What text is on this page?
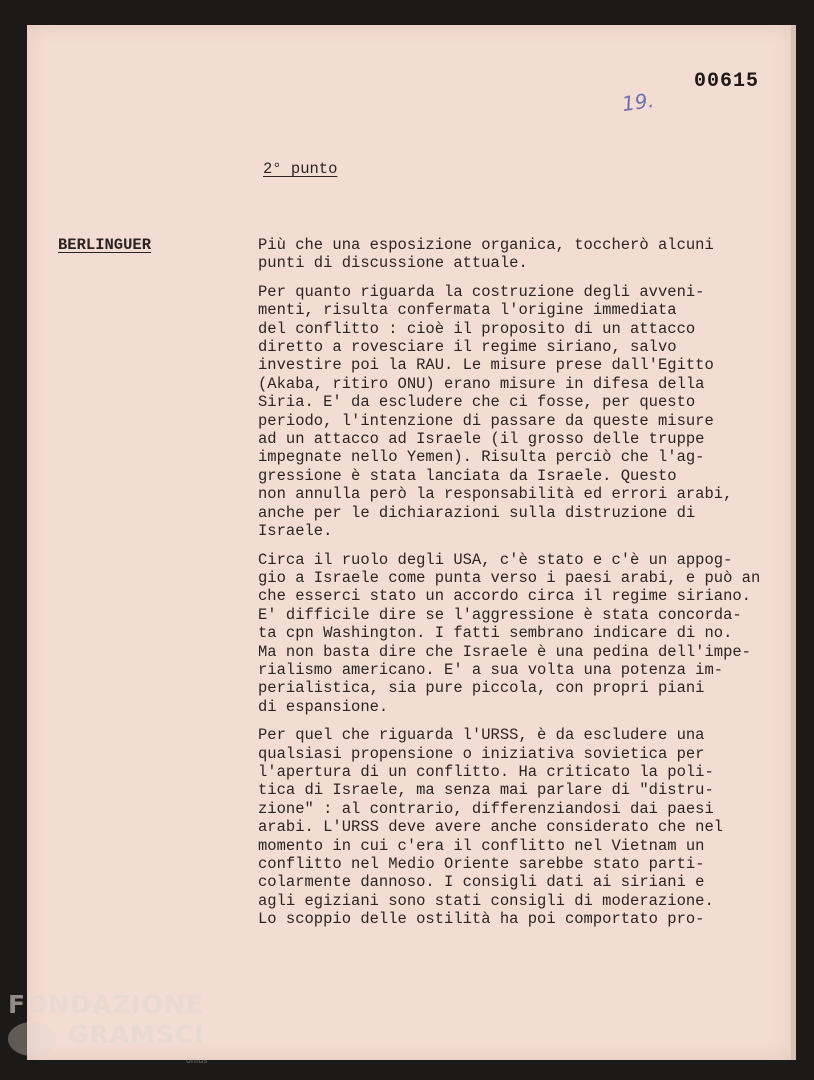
00615
19.
2° punto
BERLINGUER	Più che una esposizione organica, toccherò alcuni
punti di discussione attuale.

Per quanto riguarda la costruzione degli avveni-
menti, risulta confermata l'origine immediata
del conflitto : cioè il proposito di un attacco
diretto a rovesciare il regime siriano, salvo
investire poi la RAU. Le misure prese dall'Egitto
(Akaba, ritiro ONU) erano misure in difesa della
Siria. E' da escludere che ci fosse, per questo
periodo, l'intenzione di passare da queste misure
ad un attacco ad Israele (il grosso delle truppe
impegnate nello Yemen). Risulta perciò che l'ag-
gressione è stata lanciata da Israele. Questo
non annulla però la responsabilità ed errori arabi,
anche per le dichiarazioni sulla distruzione di
Israele.

Circa il ruolo degli USA, c'è stato e c'è un appog-
gio a Israele come punta verso i paesi arabi, e può an
che esserci stato un accordo circa il regime siriano.
E' difficile dire se l'aggressione è stata concorda-
ta cpn Washington. I fatti sembrano indicare di no.
Ma non basta dire che Israele è una pedina dell'impe-
rialismo americano. E' a sua volta una potenza im-
perialistica, sia pure piccola, con propri piani
di espansione.

Per quel che riguarda l'URSS, è da escludere una
qualsiasi propensione o iniziativa sovietica per
l'apertura di un conflitto. Ha criticato la poli-
tica di Israele, ma senza mai parlare di "distru-
zione" : al contrario, differenziandosi dai paesi
arabi. L'URSS deve avere anche considerato che nel
momento in cui c'era il conflitto nel Vietnam un
conflitto nel Medio Oriente sarebbe stato parti-
colarmente dannoso. I consigli dati ai siriani e
agli egiziani sono stati consigli di moderazione.
Lo scoppio delle ostilità ha poi comportato pro-

FONDAZIONE
GRAMSCI
onlus
